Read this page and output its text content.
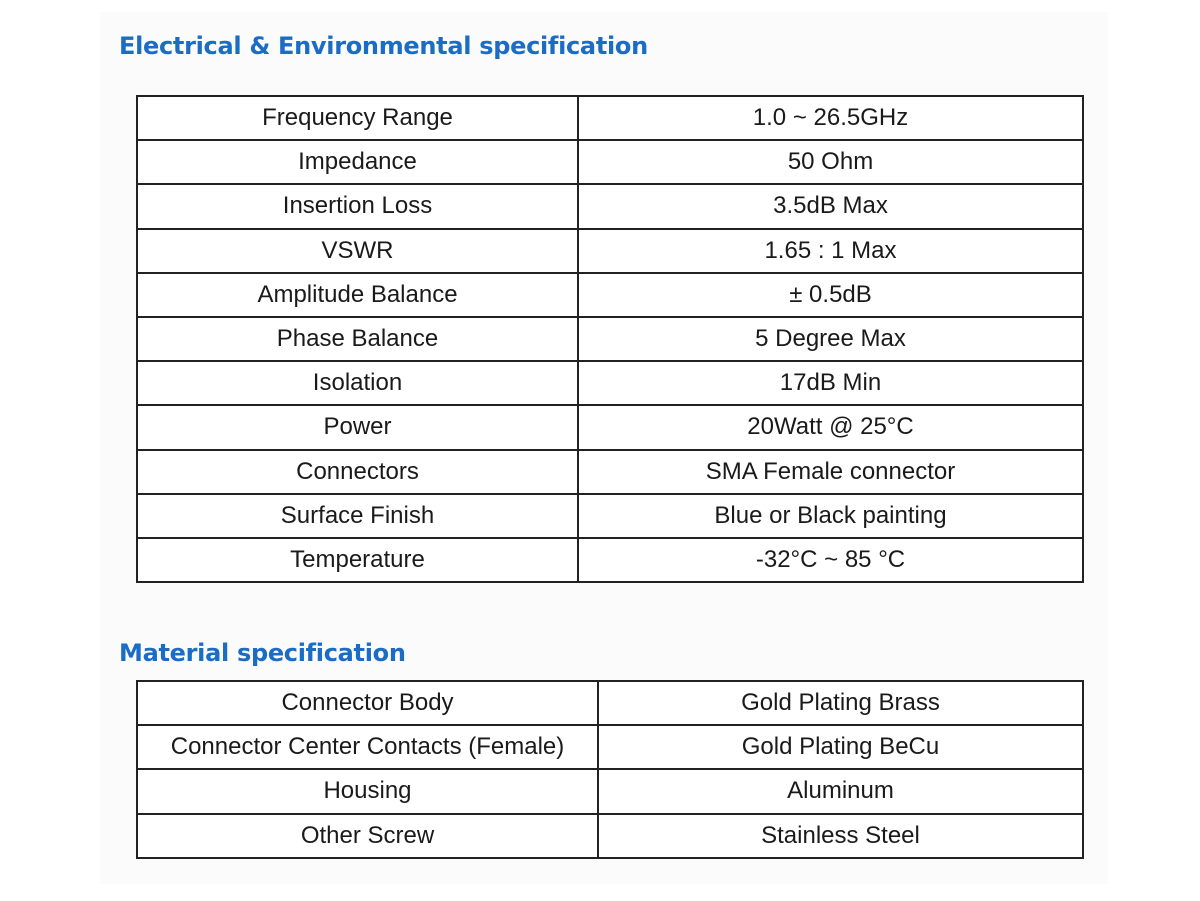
Electrical & Environmental specification
Frequency Range	1.0 ~ 26.5GHz
Impedance	50 Ohm
Insertion Loss	3.5dB Max
VSWR	1.65 : 1 Max
Amplitude Balance	± 0.5dB
Phase Balance	5 Degree Max
Isolation	17dB Min
Power	20Watt @ 25°C
Connectors	SMA Female connector
Surface Finish	Blue or Black painting
Temperature	-32°C ~ 85 °C
Material specification
Connector Body	Gold Plating Brass
Connector Center Contacts (Female)	Gold Plating BeCu
Housing	Aluminum
Other Screw	Stainless Steel
